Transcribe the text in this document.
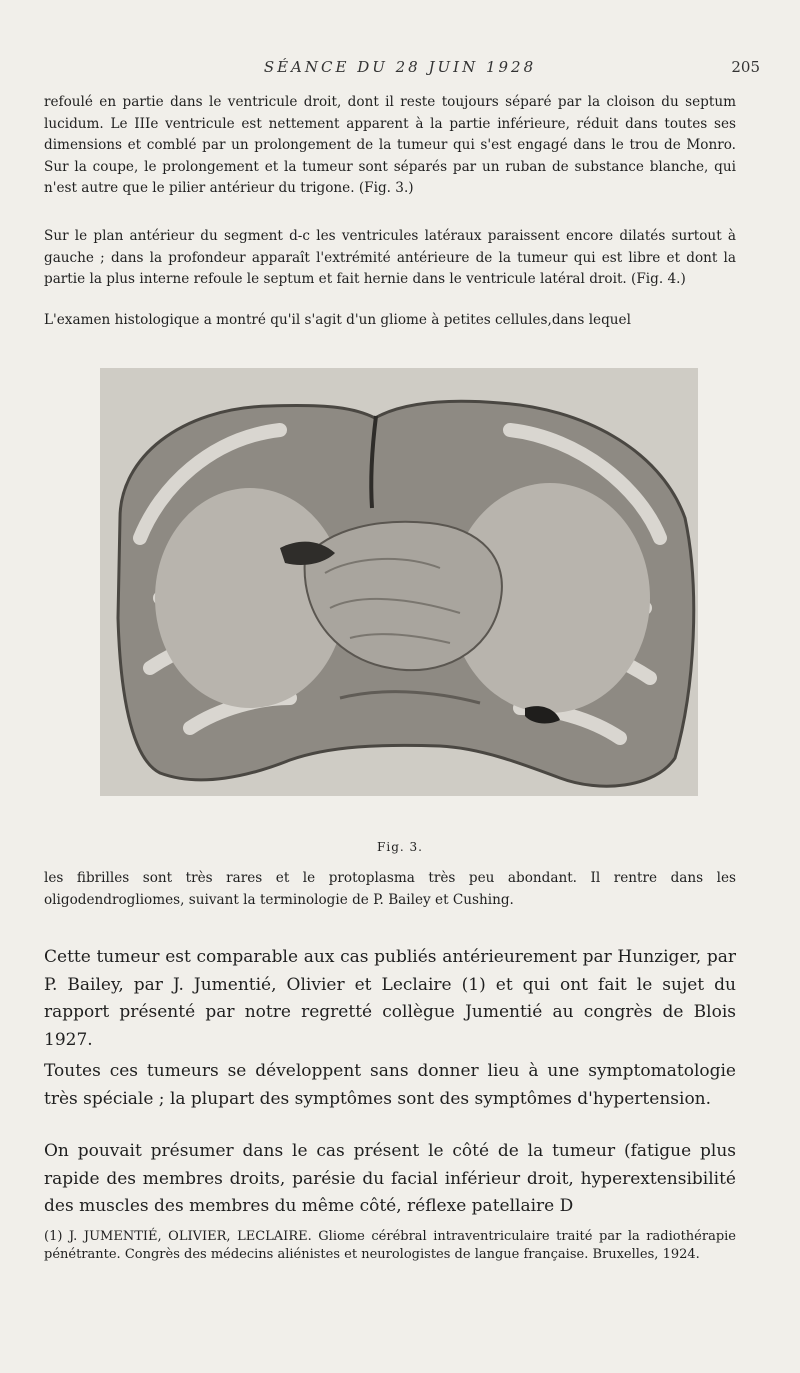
SÉANCE DU 28 JUIN 1928	205

refoulé en partie dans le ventricule droit, dont il reste toujours séparé par la cloison du septum lucidum. Le IIIe ventricule est nettement apparent à la partie inférieure, réduit dans toutes ses dimensions et comblé par un prolongement de la tumeur qui s'est engagé dans le trou de Monro. Sur la coupe, le prolongement et la tumeur sont séparés par un ruban de substance blanche, qui n'est autre que le pilier antérieur du trigone. (Fig. 3.)

Sur le plan antérieur du segment d-c les ventricules latéraux paraissent encore dilatés surtout à gauche ; dans la profondeur apparaît l'extrémité antérieure de la tumeur qui est libre et dont la partie la plus interne refoule le septum et fait hernie dans le ventricule latéral droit. (Fig. 4.)

L'examen histologique a montré qu'il s'agit d'un gliome à petites cellules,dans lequel

Fig. 3.

les fibrilles sont très rares et le protoplasma très peu abondant. Il rentre dans les oligodendrogliomes, suivant la terminologie de P. Bailey et Cushing.

Cette tumeur est comparable aux cas publiés antérieurement par Hunziger, par P. Bailey, par J. Jumentié, Olivier et Leclaire (1) et qui ont fait le sujet du rapport présenté par notre regretté collègue Jumentié au congrès de Blois 1927.

Toutes ces tumeurs se développent sans donner lieu à une symptomatologie très spéciale ; la plupart des symptômes sont des symptômes d'hypertension.

On pouvait présumer dans le cas présent le côté de la tumeur (fatigue plus rapide des membres droits, parésie du facial inférieur droit, hyperextensibilité des muscles des membres du même côté, réflexe patellaire D

(1) J. JUMENTIÉ, OLIVIER, LECLAIRE. Gliome cérébral intraventriculaire traité par la radiothérapie pénétrante. Congrès des médecins aliénistes et neurologistes de langue française. Bruxelles, 1924.
